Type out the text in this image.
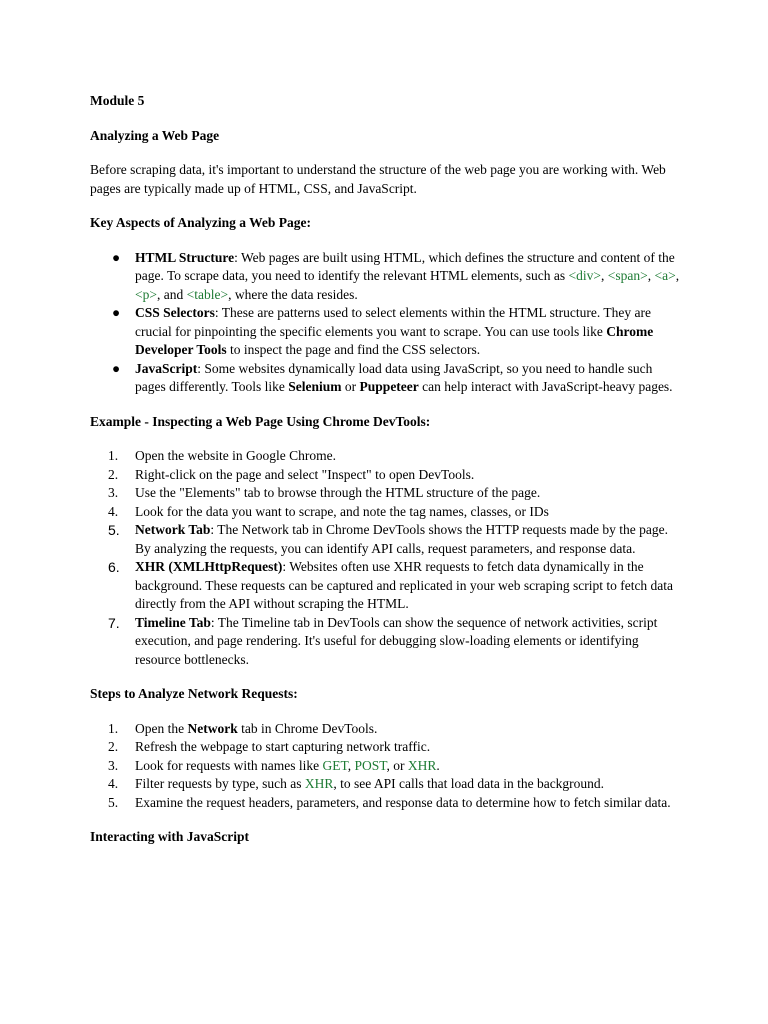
Module 5

Analyzing a Web Page

Before scraping data, it's important to understand the structure of the web page you are working with. Web pages are typically made up of HTML, CSS, and JavaScript.

Key Aspects of Analyzing a Web Page:

● HTML Structure: Web pages are built using HTML, which defines the structure and content of the page. To scrape data, you need to identify the relevant HTML elements, such as <div>, <span>, <a>, <p>, and <table>, where the data resides.
● CSS Selectors: These are patterns used to select elements within the HTML structure. They are crucial for pinpointing the specific elements you want to scrape. You can use tools like Chrome Developer Tools to inspect the page and find the CSS selectors.
● JavaScript: Some websites dynamically load data using JavaScript, so you need to handle such pages differently. Tools like Selenium or Puppeteer can help interact with JavaScript-heavy pages.

Example - Inspecting a Web Page Using Chrome DevTools:

1.	Open the website in Google Chrome.
2.	Right-click on the page and select "Inspect" to open DevTools.
3.	Use the "Elements" tab to browse through the HTML structure of the page.
4.	Look for the data you want to scrape, and note the tag names, classes, or IDs
5.	Network Tab: The Network tab in Chrome DevTools shows the HTTP requests made by the page. By analyzing the requests, you can identify API calls, request parameters, and response data.
6.	XHR (XMLHttpRequest): Websites often use XHR requests to fetch data dynamically in the background. These requests can be captured and replicated in your web scraping script to fetch data directly from the API without scraping the HTML.
7.	Timeline Tab: The Timeline tab in DevTools can show the sequence of network activities, script execution, and page rendering. It's useful for debugging slow-loading elements or identifying resource bottlenecks.

Steps to Analyze Network Requests:

1.	Open the Network tab in Chrome DevTools.
2.	Refresh the webpage to start capturing network traffic.
3.	Look for requests with names like GET, POST, or XHR.
4.	Filter requests by type, such as XHR, to see API calls that load data in the background.
5.	Examine the request headers, parameters, and response data to determine how to fetch similar data.

Interacting with JavaScript
